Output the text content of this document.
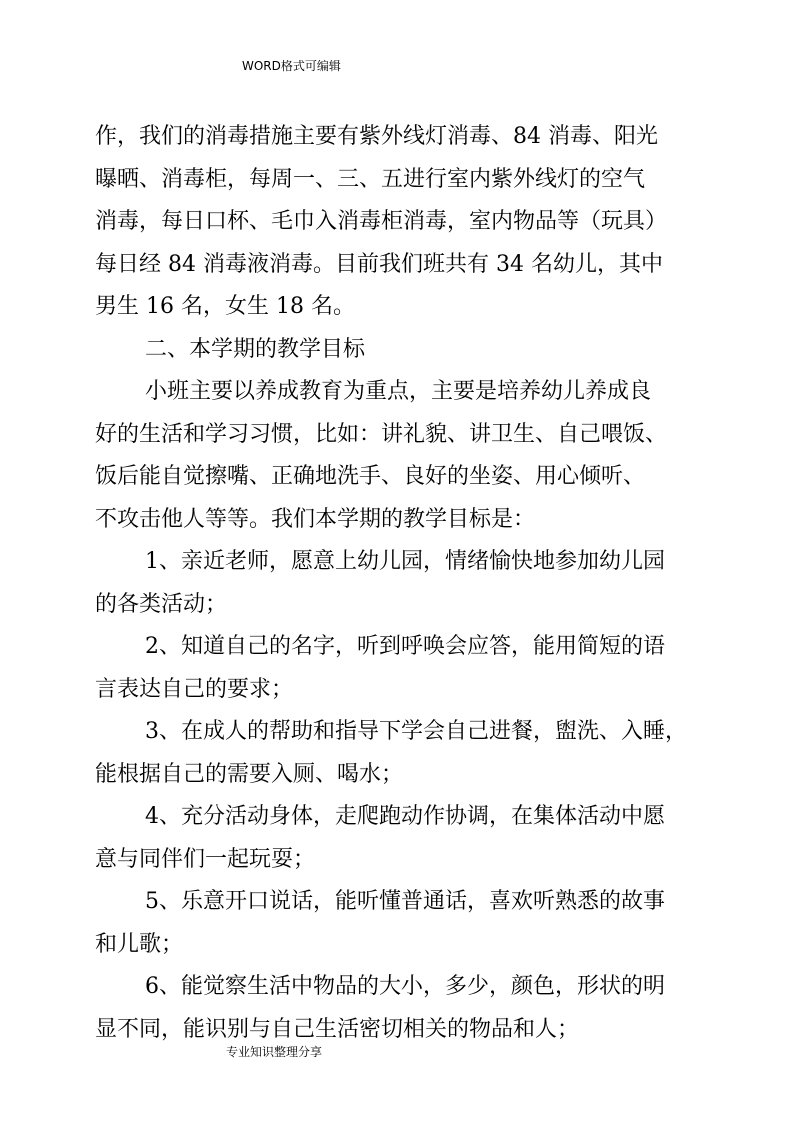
WORD格式可编辑
作，我们的消毒措施主要有紫外线灯消毒、84 消毒、阳光
曝晒、消毒柜，每周一、三、五进行室内紫外线灯的空气
消毒，每日口杯、毛巾入消毒柜消毒，室内物品等（玩具）
每日经 84 消毒液消毒。目前我们班共有 34 名幼儿，其中
男生 16 名，女生 18 名。
二、本学期的教学目标
小班主要以养成教育为重点，主要是培养幼儿养成良
好的生活和学习习惯，比如：讲礼貌、讲卫生、自己喂饭、
饭后能自觉擦嘴、正确地洗手、良好的坐姿、用心倾听、
不攻击他人等等。我们本学期的教学目标是：
1、亲近老师，愿意上幼儿园，情绪愉快地参加幼儿园
的各类活动；
2、知道自己的名字，听到呼唤会应答，能用简短的语
言表达自己的要求；
3、在成人的帮助和指导下学会自己进餐，盥洗、入睡，
能根据自己的需要入厕、喝水；
4、充分活动身体，走爬跑动作协调，在集体活动中愿
意与同伴们一起玩耍；
5、乐意开口说话，能听懂普通话，喜欢听熟悉的故事
和儿歌；
6、能觉察生活中物品的大小，多少，颜色，形状的明
显不同，能识别与自己生活密切相关的物品和人；
专业知识整理分享
